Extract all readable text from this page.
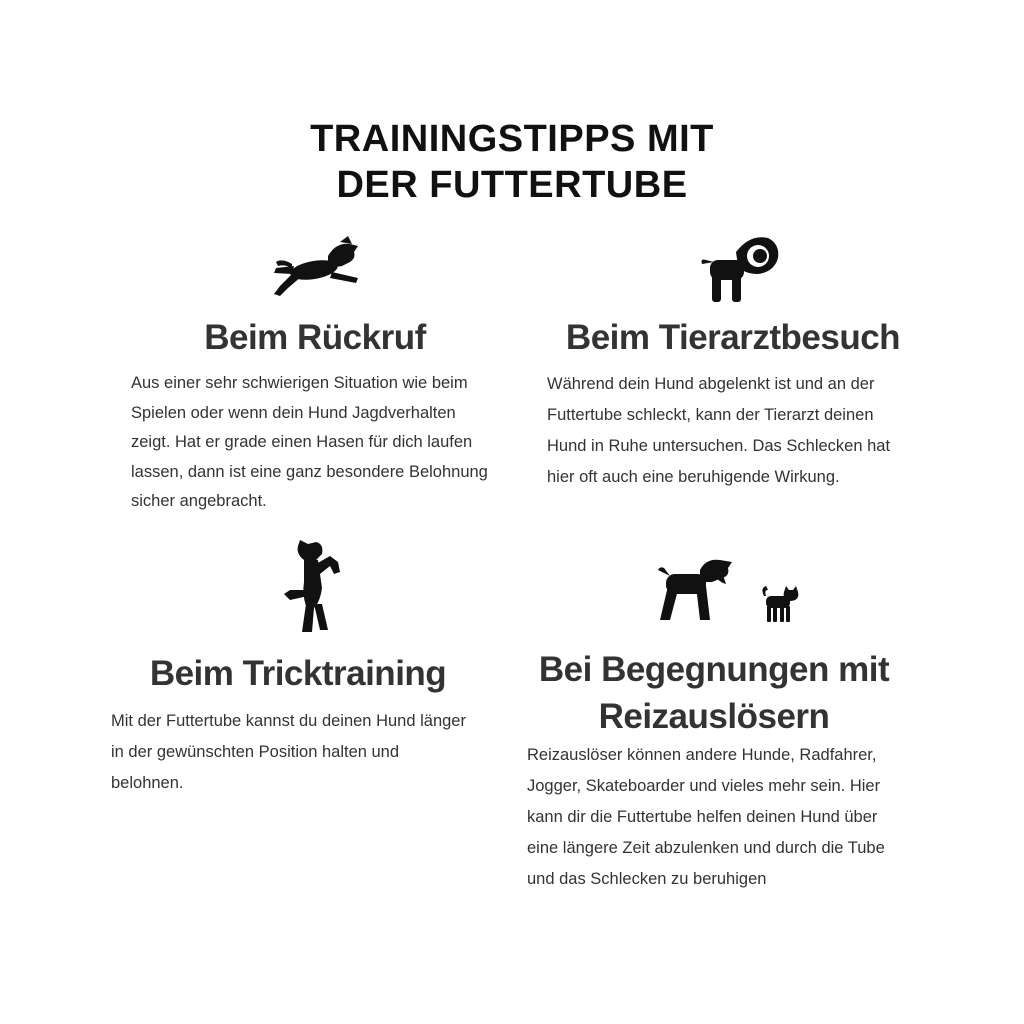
TRAININGSTIPPS MIT
DER FUTTERTUBE
Beim Rückruf

Aus einer sehr schwierigen Situation wie beim
Spielen oder wenn dein Hund Jagdverhalten
zeigt. Hat er grade einen Hasen für dich laufen
lassen, dann ist eine ganz besondere Belohnung
sicher angebracht.

Beim Tierarztbesuch

Während dein Hund abgelenkt ist und an der
Futtertube schleckt, kann der Tierarzt deinen
Hund in Ruhe untersuchen. Das Schlecken hat
hier oft auch eine beruhigende Wirkung.

Beim Tricktraining

Mit der Futtertube kannst du deinen Hund länger
in der gewünschten Position halten und
belohnen.

Bei Begegnungen mit
Reizauslösern

Reizauslöser können andere Hunde, Radfahrer,
Jogger, Skateboarder und vieles mehr sein. Hier
kann dir die Futtertube helfen deinen Hund über
eine längere Zeit abzulenken und durch die Tube
und das Schlecken zu beruhigen
